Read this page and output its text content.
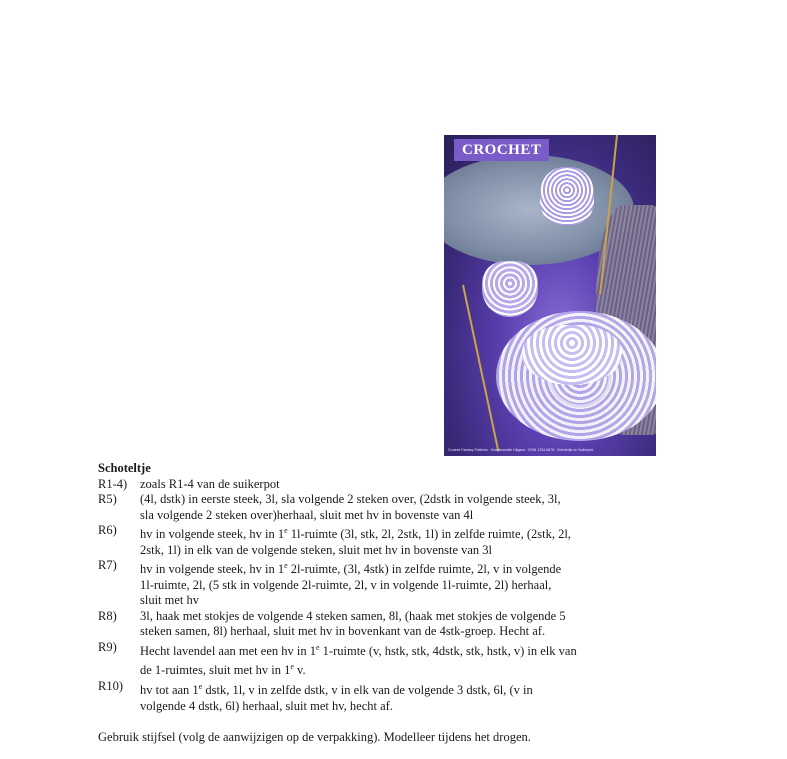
CROCHET
Crochet Fantasy Patterns · Huisdecoratie Uitgave · ISSN 1234-5678 · Schoteltje en Suikerpot

Schoteltje

R1-4)	zoals R1-4 van de suikerpot
R5)	(4l, dstk) in eerste steek, 3l, sla volgende 2 steken over, (2dstk in volgende steek, 3l,
sla volgende 2 steken over)herhaal, sluit met hv in bovenste van 4l
R6)	hv in volgende steek, hv in 1e 1l-ruimte (3l, stk, 2l, 2stk, 1l) in zelfde ruimte, (2stk, 2l,
2stk, 1l) in elk van de volgende steken, sluit met hv in bovenste van 3l
R7)	hv in volgende steek, hv in 1e 2l-ruimte, (3l, 4stk) in zelfde ruimte, 2l, v in volgende
1l-ruimte, 2l, (5 stk in volgende 2l-ruimte, 2l, v in volgende 1l-ruimte, 2l) herhaal,
sluit met hv
R8)	3l, haak met stokjes de volgende 4 steken samen, 8l, (haak met stokjes de volgende 5
steken samen, 8l) herhaal, sluit met hv in bovenkant van de 4stk-groep. Hecht af.
R9)	Hecht lavendel aan met een hv in 1e 1-ruimte (v, hstk, stk, 4dstk, stk, hstk, v) in elk van
de 1-ruimtes, sluit met hv in 1e v.
R10)	hv tot aan 1e dstk, 1l, v in zelfde dstk, v in elk van de volgende 3 dstk, 6l, (v in
volgende 4 dstk, 6l) herhaal, sluit met hv, hecht af.
Gebruik stijfsel (volg de aanwijzigen op de verpakking). Modelleer tijdens het drogen.
